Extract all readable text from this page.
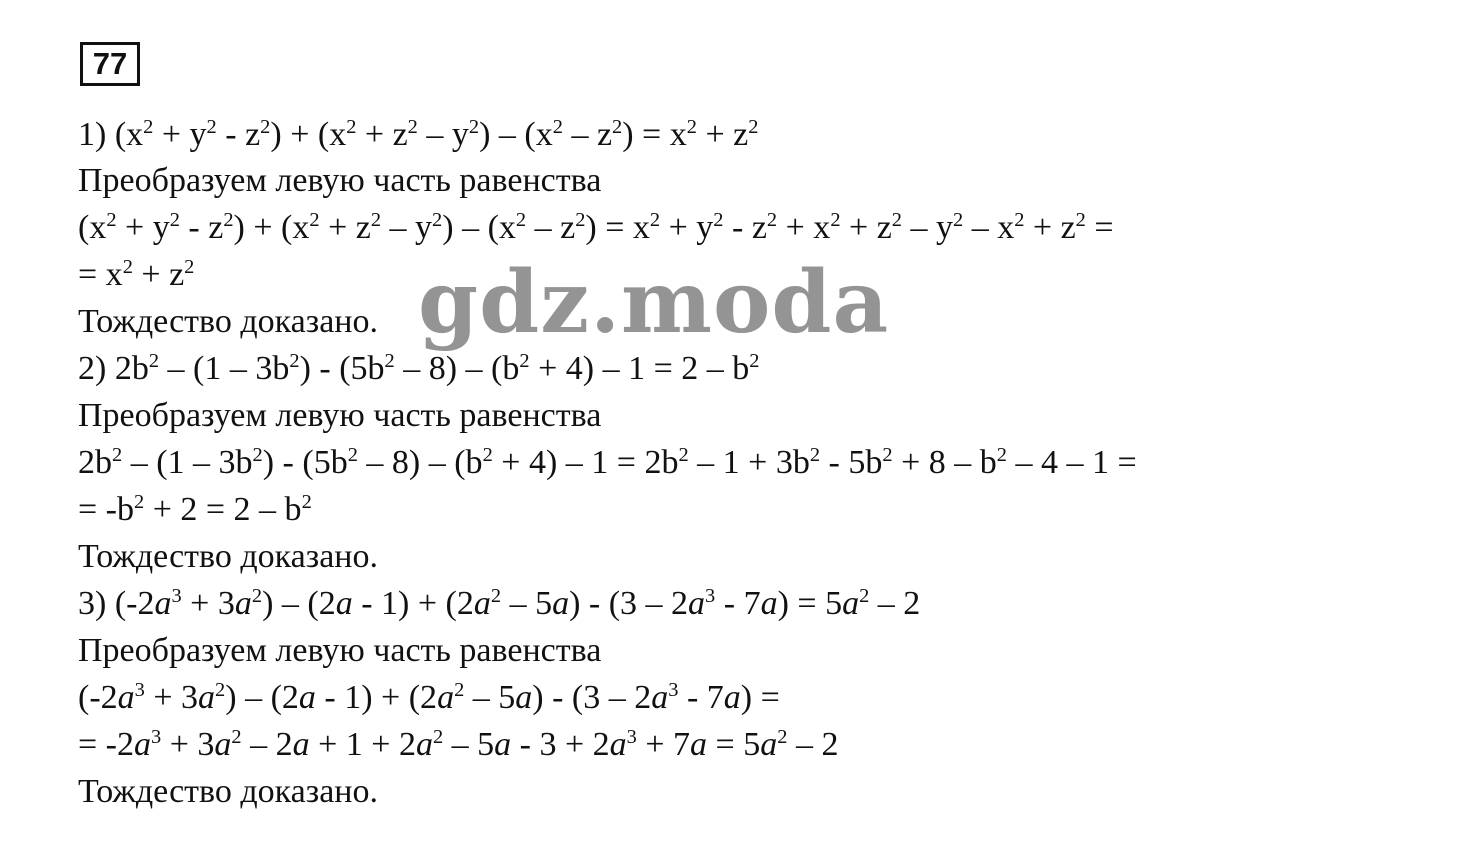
77
1) $(x^2 + y^2 - z^2) + (x^2 + z^2 - y^2) - (x^2 - z^2) = x^2 + z^2$
Преобразуем левую часть равенства
$(x^2 + y^2 - z^2) + (x^2 + z^2 - y^2) - (x^2 - z^2) = x^2 + y^2 - z^2 + x^2 + z^2 - y^2 - x^2 + z^2$ =
= $x^2 + z^2$
Тождество доказано.
2) $2b^2 - (1 - 3b^2) - (5b^2 - 8) - (b^2 + 4) - 1 = 2 - b^2$
Преобразуем левую часть равенства
$2b^2 - (1 - 3b^2) - (5b^2 - 8) - (b^2 + 4) - 1 = 2b^2 - 1 + 3b^2 - 5b^2 + 8 - b^2 - 4 - 1$ =
= $-b^2 + 2 = 2 - b^2$
Тождество доказано.
3) $(-2a^3 + 3a^2) - (2a - 1) + (2a^2 - 5a) - (3 - 2a^3 - 7a) = 5a^2 - 2$
Преобразуем левую часть равенства
$(-2a^3 + 3a^2) - (2a - 1) + (2a^2 - 5a) - (3 - 2a^3 - 7a)$ =
= $-2a^3 + 3a^2 - 2a + 1 + 2a^2 - 5a - 3 + 2a^3 + 7a = 5a^2 - 2$
Тождество доказано.
gdz.moda
